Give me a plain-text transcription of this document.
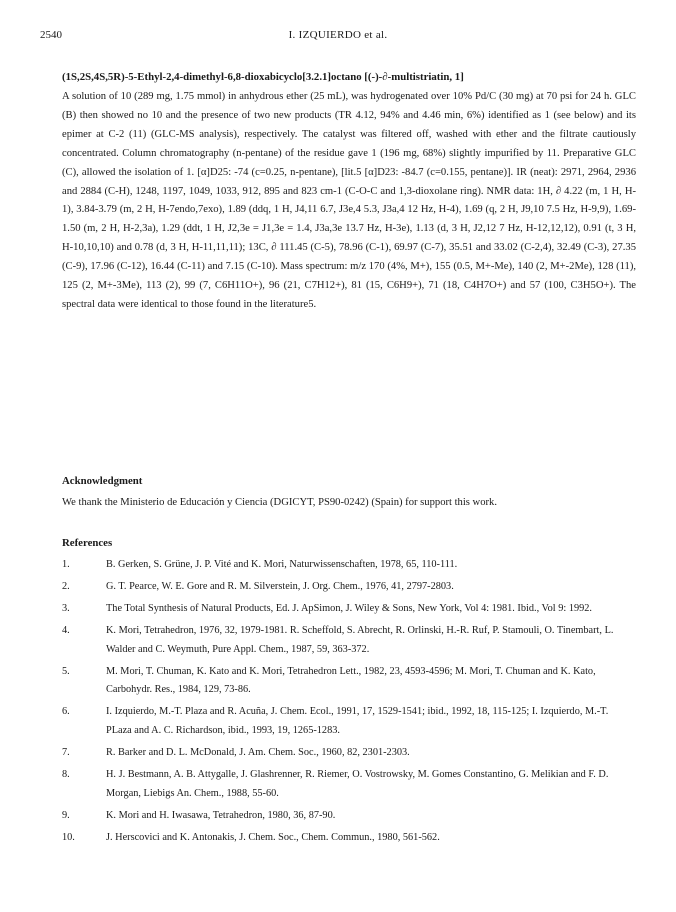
2540	I. IZQUIERDO et al.
(1S,2S,4S,5R)-5-Ethyl-2,4-dimethyl-6,8-dioxabicyclo[3.2.1]octano [(-)-∂-multistriatin, 1]
A solution of 10 (289 mg, 1.75 mmol) in anhydrous ether (25 mL), was hydrogenated over 10% Pd/C (30 mg) at 70 psi for 24 h. GLC (B) then showed no 10 and the presence of two new products (TR 4.12, 94% and 4.46 min, 6%) identified as 1 (see below) and its epimer at C-2 (11) (GLC-MS analysis), respectively. The catalyst was filtered off, washed with ether and the filtrate cautiously concentrated. Column chromatography (n-pentane) of the residue gave 1 (196 mg, 68%) slightly impurified by 11. Preparative GLC (C), allowed the isolation of 1. [α]D25: -74 (c=0.25, n-pentane), [lit.5 [α]D23: -84.7 (c=0.155, pentane)]. IR (neat): 2971, 2964, 2936 and 2884 (C-H), 1248, 1197, 1049, 1033, 912, 895 and 823 cm-1 (C-O-C and 1,3-dioxolane ring). NMR data: 1H, ∂ 4.22 (m, 1 H, H-1), 3.84-3.79 (m, 2 H, H-7endo,7exo), 1.89 (ddq, 1 H, J4,11 6.7, J3e,4 5.3, J3a,4 12 Hz, H-4), 1.69 (q, 2 H, J9,10 7.5 Hz, H-9,9), 1.69-1.50 (m, 2 H, H-2,3a), 1.29 (ddt, 1 H, J2,3e = J1,3e = 1.4, J3a,3e 13.7 Hz, H-3e), 1.13 (d, 3 H, J2,12 7 Hz, H-12,12,12), 0.91 (t, 3 H, H-10,10,10) and 0.78 (d, 3 H, H-11,11,11); 13C, ∂ 111.45 (C-5), 78.96 (C-1), 69.97 (C-7), 35.51 and 33.02 (C-2,4), 32.49 (C-3), 27.35 (C-9), 17.96 (C-12), 16.44 (C-11) and 7.15 (C-10). Mass spectrum: m/z 170 (4%, M+), 155 (0.5, M+-Me), 140 (2, M+-2Me), 128 (11), 125 (2, M+-3Me), 113 (2), 99 (7, C6H11O+), 96 (21, C7H12+), 81 (15, C6H9+), 71 (18, C4H7O+) and 57 (100, C3H5O+). The spectral data were identical to those found in the literature5.
Acknowledgment
We thank the Ministerio de Educación y Ciencia (DGICYT, PS90-0242) (Spain) for support this work.
References
1.	B. Gerken, S. Grüne, J. P. Vité and K. Mori, Naturwissenschaften, 1978, 65, 110-111.
2.	G. T. Pearce, W. E. Gore and R. M. Silverstein, J. Org. Chem., 1976, 41, 2797-2803.
3.	The Total Synthesis of Natural Products, Ed. J. ApSimon, J. Wiley & Sons, New York, Vol 4: 1981. Ibid., Vol 9: 1992.
4.	K. Mori, Tetrahedron, 1976, 32, 1979-1981. R. Scheffold, S. Abrecht, R. Orlinski, H.-R. Ruf, P. Stamouli, O. Tinembart, L. Walder and C. Weymuth, Pure Appl. Chem., 1987, 59, 363-372.
5.	M. Mori, T. Chuman, K. Kato and K. Mori, Tetrahedron Lett., 1982, 23, 4593-4596; M. Mori, T. Chuman and K. Kato, Carbohydr. Res., 1984, 129, 73-86.
6.	I. Izquierdo, M.-T. Plaza and R. Acuña, J. Chem. Ecol., 1991, 17, 1529-1541; ibid., 1992, 18, 115-125; I. Izquierdo, M.-T. PLaza and A. C. Richardson, ibid., 1993, 19, 1265-1283.
7.	R. Barker and D. L. McDonald, J. Am. Chem. Soc., 1960, 82, 2301-2303.
8.	H. J. Bestmann, A. B. Attygalle, J. Glashrenner, R. Riemer, O. Vostrowsky, M. Gomes Constantino, G. Melikian and F. D. Morgan, Liebigs An. Chem., 1988, 55-60.
9.	K. Mori and H. Iwasawa, Tetrahedron, 1980, 36, 87-90.
10.	J. Herscovici and K. Antonakis, J. Chem. Soc., Chem. Commun., 1980, 561-562.
